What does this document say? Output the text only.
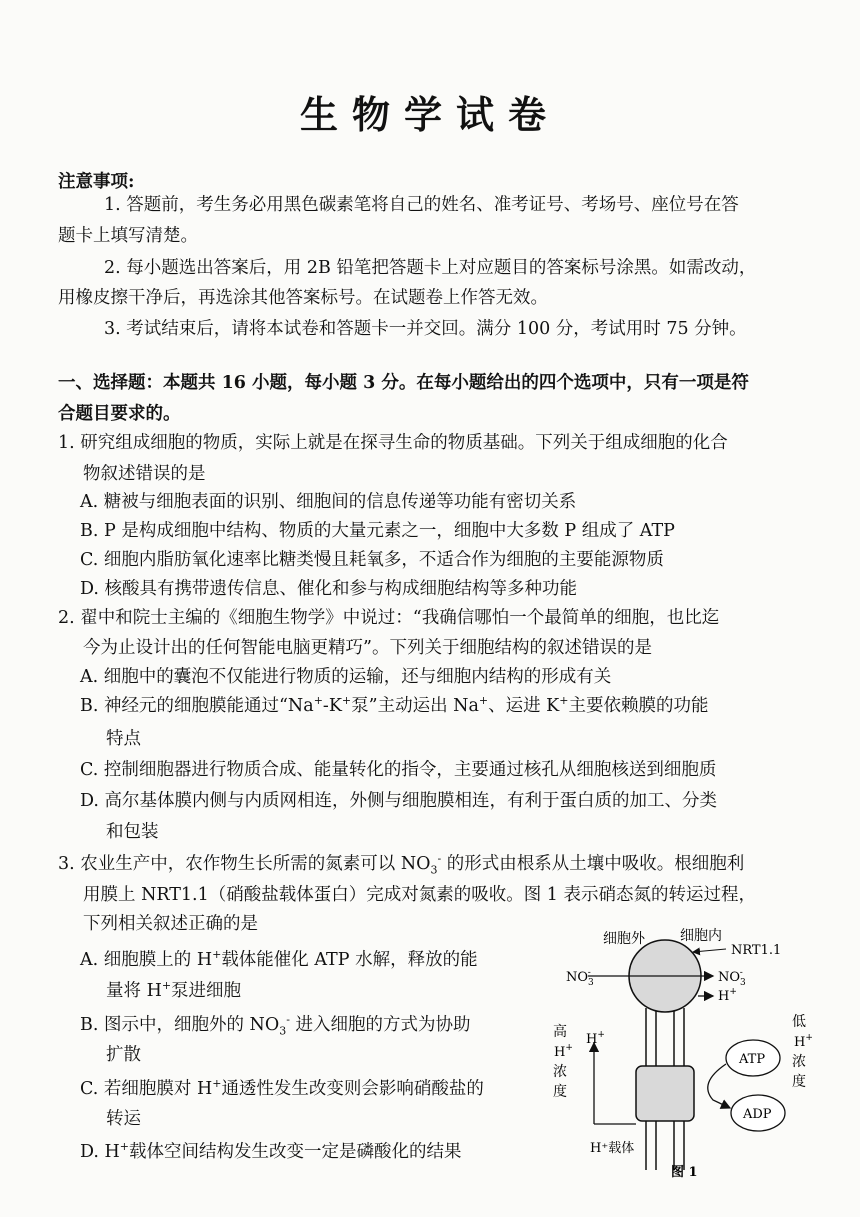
生物学试卷
注意事项:
1. 答题前，考生务必用黑色碳素笔将自己的姓名、准考证号、考场号、座位号在答
题卡上填写清楚。
2. 每小题选出答案后，用 2B 铅笔把答题卡上对应题目的答案标号涂黑。如需改动，
用橡皮擦干净后，再选涂其他答案标号。在试题卷上作答无效。
3. 考试结束后，请将本试卷和答题卡一并交回。满分 100 分，考试用时 75 分钟。
一、选择题：本题共 16 小题，每小题 3 分。在每小题给出的四个选项中，只有一项是符
合题目要求的。
1. 研究组成细胞的物质，实际上就是在探寻生命的物质基础。下列关于组成细胞的化合
物叙述错误的是
A. 糖被与细胞表面的识别、细胞间的信息传递等功能有密切关系
B. P 是构成细胞中结构、物质的大量元素之一，细胞中大多数 P 组成了 ATP
C. 细胞内脂肪氧化速率比糖类慢且耗氧多，不适合作为细胞的主要能源物质
D. 核酸具有携带遗传信息、催化和参与构成细胞结构等多种功能
2. 翟中和院士主编的《细胞生物学》中说过：“我确信哪怕一个最简单的细胞，也比迄
今为止设计出的任何智能电脑更精巧”。下列关于细胞结构的叙述错误的是
A. 细胞中的囊泡不仅能进行物质的运输，还与细胞内结构的形成有关
B. 神经元的细胞膜能通过“Na+-K+泵”主动运出 Na+、运进 K+主要依赖膜的功能
特点
C. 控制细胞器进行物质合成、能量转化的指令，主要通过核孔从细胞核送到细胞质
D. 高尔基体膜内侧与内质网相连，外侧与细胞膜相连，有利于蛋白质的加工、分类
和包装
3. 农业生产中，农作物生长所需的氮素可以 $NO_3^-$ 的形式由根系从土壤中吸收。根细胞利
用膜上 NRT1.1（硝酸盐载体蛋白）完成对氮素的吸收。图 1 表示硝态氮的转运过程，
下列相关叙述正确的是
A. 细胞膜上的 H+载体能催化 ATP 水解，释放的能
量将 H+泵进细胞
B. 图示中，细胞外的 $NO_3^-$ 进入细胞的方式为协助
扩散
C. 若细胞膜对 H+通透性发生改变则会影响硝酸盐的
转运
D. H+载体空间结构发生改变一定是磷酸化的结果
细胞外	细胞内
NRT1.1
$NO_3-$	$NO_3-$
H+
H+
高
H+
浓
度
低
H+
浓
度
ATP
ADP
H⁺载体
图 1
